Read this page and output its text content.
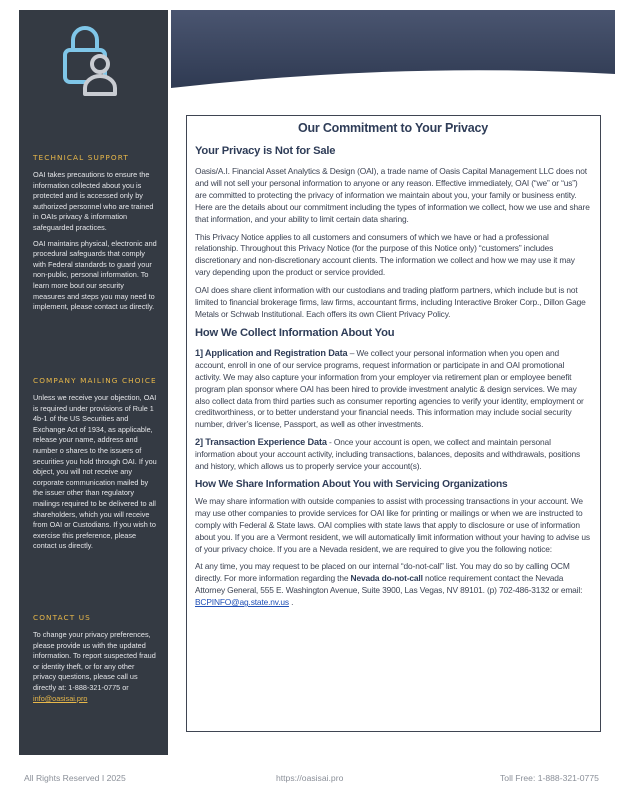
TECHNICAL SUPPORT
OAI takes precautions to ensure the information collected about you is protected and is accessed only by authorized personnel who are trained in OAIs privacy & information safeguarded practices.
OAI maintains physical, electronic and procedural safeguards that comply with Federal standards to guard your non-public, personal information. To learn more bout our security measures and steps you may need to implement, please contact us directly.
COMPANY MAILING CHOICE
Unless we receive your objection, OAI is required under provisions of Rule 1 4b-1 of the US Securities and Exchange Act of 1934, as applicable, release your name, address and number o shares to the issuers of securities you hold through OAI. If you object, you will not receive any corporate communication mailed by the issuer other than regulatory mailings required to be delivered to all shareholders, which you will receive from OAI or Custodians. If you wish to exercise this preference, please contact us directly.
CONTACT US
To change your privacy preferences, please provide us with the updated information. To report suspected fraud or identity theft, or for any other privacy questions, please call us directly at: 1-888-321-0775 or info@oasisai.pro
Our Commitment to Your Privacy
Your Privacy is Not for Sale
Oasis/A.I. Financial Asset Analytics & Design (OAI), a trade name of Oasis Capital Management LLC does not and will not sell your personal information to anyone or any reason. Effective immediately, OAI (“we” or “us”) are committed to protecting the privacy of information we maintain about you, your family or business entity. Here are the details about our commitment including the types of information we collect, how we use and share that information, and your ability to limit certain data sharing.
This Privacy Notice applies to all customers and consumers of which we have or had a professional relationship. Throughout this Privacy Notice (for the purpose of this Notice only) “customers” includes discretionary and non-discretionary account clients. The information we collect and how we may use it may vary depending upon the product or service provided.
OAI does share client information with our custodians and trading platform partners, which include but is not limited to financial brokerage firms, law firms, accountant firms, including Interactive Broker Corp., Dillon Gage Metals or Schwab Institutional. Each offers its own Client Privacy Policy.
How We Collect Information About You
1] Application and Registration Data – We collect your personal information when you open and account, enroll in one of our service programs, request information or participate in and OAI promotional activity. We may also capture your information from your employer via retirement plan or employee benefit program plan sponsor where OAI has been hired to provide investment analytic & design services. We may also collect data from third parties such as consumer reporting agencies to verify your identity, employment or creditworthiness, or to better understand your financial needs. This information may include social security number, driver’s license, Passport, as well as other investments.
2] Transaction Experience Data - Once your account is open, we collect and maintain personal information about your account activity, including transactions, balances, deposits and withdrawals, positions and history, which allows us to properly service your account(s).
How We Share Information About You with Servicing Organizations
We may share information with outside companies to assist with processing transactions in your account. We may use other companies to provide services for OAI like for printing or mailings or when we are instructed to comply with Federal & State laws. OAI complies with state laws that apply to disclosure or use of information about you. If you are a Vermont resident, we will automatically limit information without your having to advise us of your privacy choice. If you are a Nevada resident, we are required to give you the following notice:
At any time, you may request to be placed on our internal “do-not-call” list. You may do so by calling OCM directly. For more information regarding the Nevada do-not-call notice requirement contact the Nevada Attorney General, 555 E. Washington Avenue, Suite 3900, Las Vegas, NV 89101. (p) 702-486-3132 or email: BCPINFO@ag.state.nv.us .
All Rights Reserved I 2025	https://oasisai.pro	Toll Free: 1-888-321-0775
